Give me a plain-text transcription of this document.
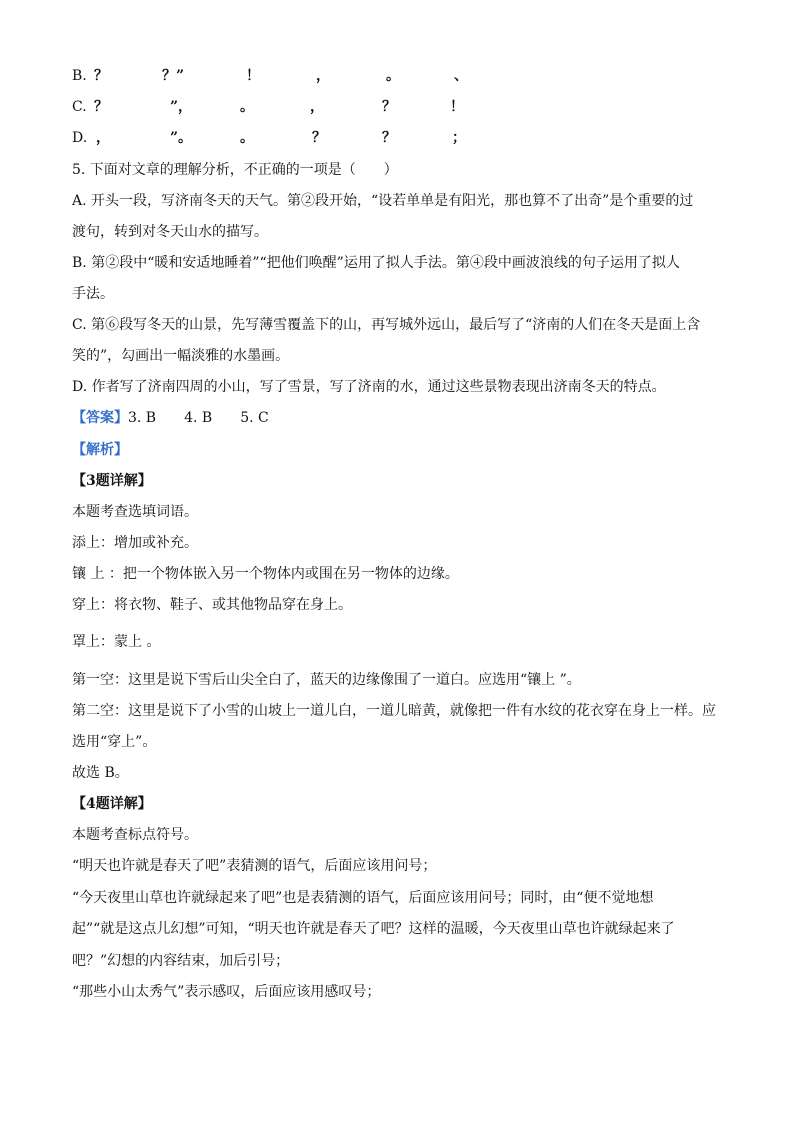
B. ？	？”	！	，	。	、
C. ？	”，	。	，	？	！
D. ，	”。	。	？	？	；
5. 下面对文章的理解分析，不正确的一项是（　　）
A. 开头一段，写济南冬天的天气。第②段开始，“设若单单是有阳光，那也算不了出奇”是个重要的过
渡句，转到对冬天山水的描写。
B. 第②段中“暖和安适地睡着”“把他们唤醒”运用了拟人手法。第④段中画波浪线的句子运用了拟人
手法。
C. 第⑥段写冬天的山景，先写薄雪覆盖下的山，再写城外远山，最后写了“济南的人们在冬天是面上含
笑的”，勾画出一幅淡雅的水墨画。
D. 作者写了济南四周的小山，写了雪景，写了济南的水，通过这些景物表现出济南冬天的特点。
【答案】3. B　　4. B　　5. C
【解析】
【3题详解】
本题考查选填词语。
添上：增加或补充。
镶 上 ：把一个物体嵌入另一个物体内或围在另一物体的边缘。
穿上：将衣物、鞋子、或其他物品穿在身上。
罩上：蒙上 。
第一空：这里是说下雪后山尖全白了，蓝天的边缘像围了一道白。应选用“镶上 ”。
第二空：这里是说下了小雪的山坡上一道儿白，一道儿暗黄，就像把一件有水纹的花衣穿在身上一样。应
选用“穿上”。
故选 B。
【4题详解】
本题考查标点符号。
“明天也许就是春天了吧”表猜测的语气，后面应该用问号；
“今天夜里山草也许就绿起来了吧”也是表猜测的语气，后面应该用问号；同时，由“便不觉地想
起”“就是这点儿幻想”可知，“明天也许就是春天了吧？这样的温暖，今天夜里山草也许就绿起来了
吧？”幻想的内容结束，加后引号；
“那些小山太秀气”表示感叹，后面应该用感叹号；
